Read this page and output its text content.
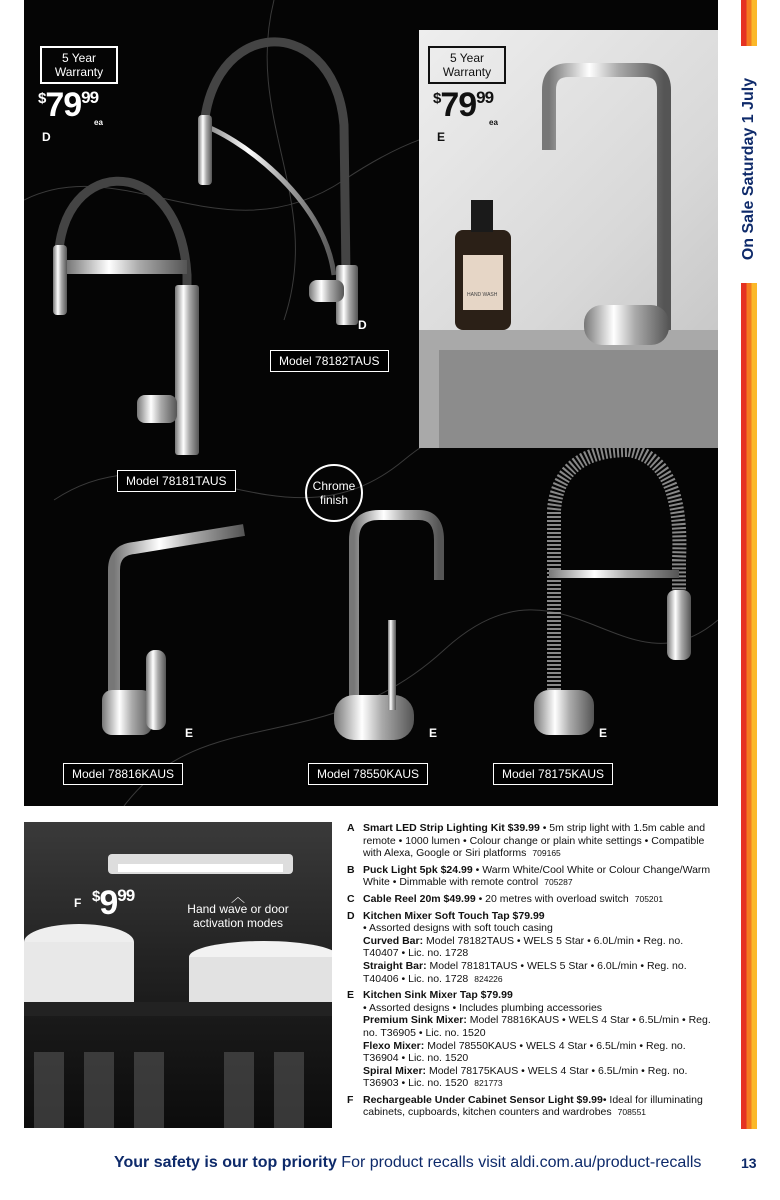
5 Year
Warranty
$^{\$}79^{99}$
ea
D
5 Year
Warranty
$^{\$}79^{99}$
ea
E
HAND WASH
D
Model 78182TAUS
Model 78181TAUS	Chrome
finish
E	E	E
Model 78816KAUS	Model 78550KAUS	Model 78175KAUS
On Sale Saturday 1 July
F $^{\$}9^{99}$	︿
Hand wave or door
activation modes
A Smart LED Strip Lighting Kit $39.99 • 5m strip light with 1.5m cable and remote • 1000 lumen • Colour change or plain white settings • Compatible with Alexa, Google or Siri platforms 709165
B Puck Light 5pk $24.99 • Warm White/Cool White or Colour Change/Warm White • Dimmable with remote control 705287
C Cable Reel 20m $49.99 • 20 metres with overload switch 705201
D Kitchen Mixer Soft Touch Tap $79.99
• Assorted designs with soft touch casing
Curved Bar: Model 78182TAUS • WELS 5 Star • 6.0L/min • Reg. no. T40407 • Lic. no. 1728
Straight Bar: Model 78181TAUS • WELS 5 Star • 6.0L/min • Reg. no. T40406 • Lic. no. 1728 824226
E Kitchen Sink Mixer Tap $79.99
• Assorted designs • Includes plumbing accessories
Premium Sink Mixer: Model 78816KAUS • WELS 4 Star • 6.5L/min • Reg. no. T36905 • Lic. no. 1520
Flexo Mixer: Model 78550KAUS • WELS 4 Star • 6.5L/min • Reg. no. T36904 • Lic. no. 1520
Spiral Mixer: Model 78175KAUS • WELS 4 Star • 6.5L/min • Reg. no. T36903 • Lic. no. 1520 821773
F Rechargeable Under Cabinet Sensor Light $9.99• Ideal for illuminating cabinets, cupboards, kitchen counters and wardrobes 708551
Your safety is our top priority For product recalls visit aldi.com.au/product-recalls	13
